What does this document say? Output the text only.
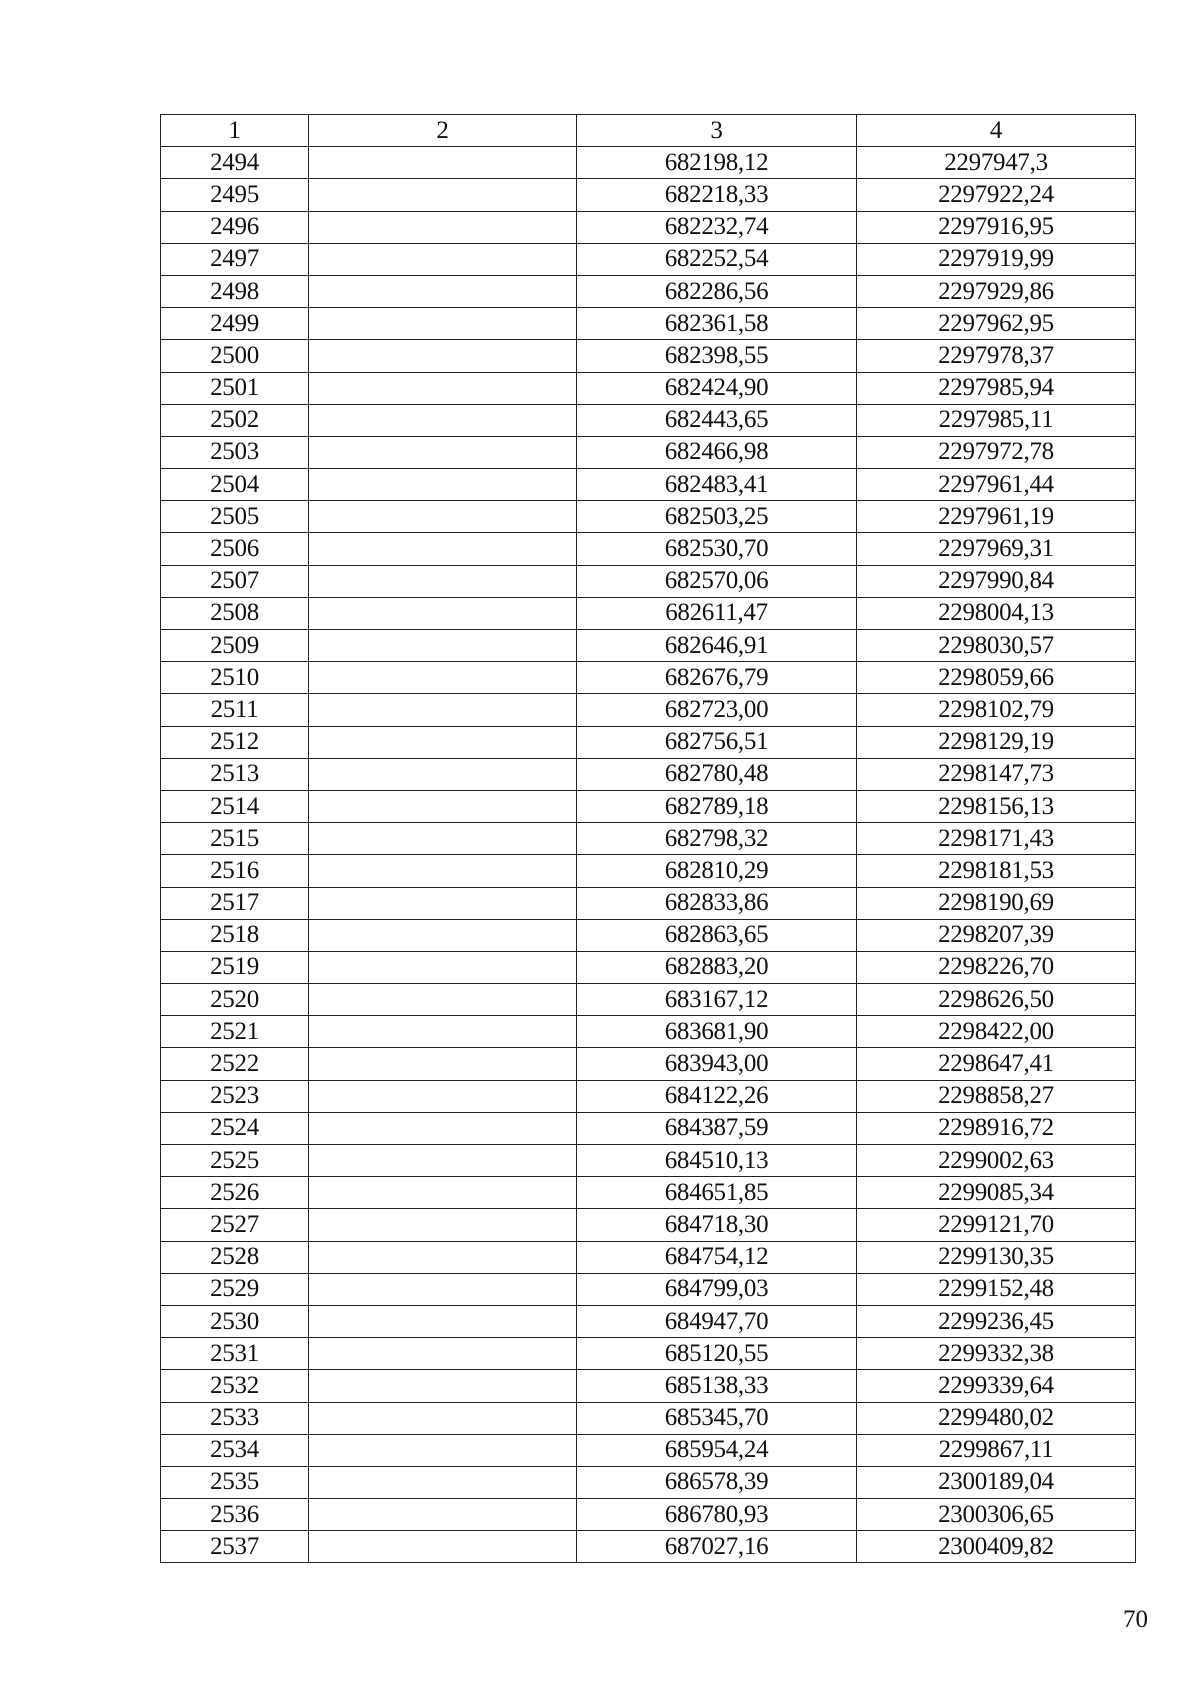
1	2	3	4
2494		682198,12	2297947,3
2495		682218,33	2297922,24
2496		682232,74	2297916,95
2497		682252,54	2297919,99
2498		682286,56	2297929,86
2499		682361,58	2297962,95
2500		682398,55	2297978,37
2501		682424,90	2297985,94
2502		682443,65	2297985,11
2503		682466,98	2297972,78
2504		682483,41	2297961,44
2505		682503,25	2297961,19
2506		682530,70	2297969,31
2507		682570,06	2297990,84
2508		682611,47	2298004,13
2509		682646,91	2298030,57
2510		682676,79	2298059,66
2511		682723,00	2298102,79
2512		682756,51	2298129,19
2513		682780,48	2298147,73
2514		682789,18	2298156,13
2515		682798,32	2298171,43
2516		682810,29	2298181,53
2517		682833,86	2298190,69
2518		682863,65	2298207,39
2519		682883,20	2298226,70
2520		683167,12	2298626,50
2521		683681,90	2298422,00
2522		683943,00	2298647,41
2523		684122,26	2298858,27
2524		684387,59	2298916,72
2525		684510,13	2299002,63
2526		684651,85	2299085,34
2527		684718,30	2299121,70
2528		684754,12	2299130,35
2529		684799,03	2299152,48
2530		684947,70	2299236,45
2531		685120,55	2299332,38
2532		685138,33	2299339,64
2533		685345,70	2299480,02
2534		685954,24	2299867,11
2535		686578,39	2300189,04
2536		686780,93	2300306,65
2537		687027,16	2300409,82
70
